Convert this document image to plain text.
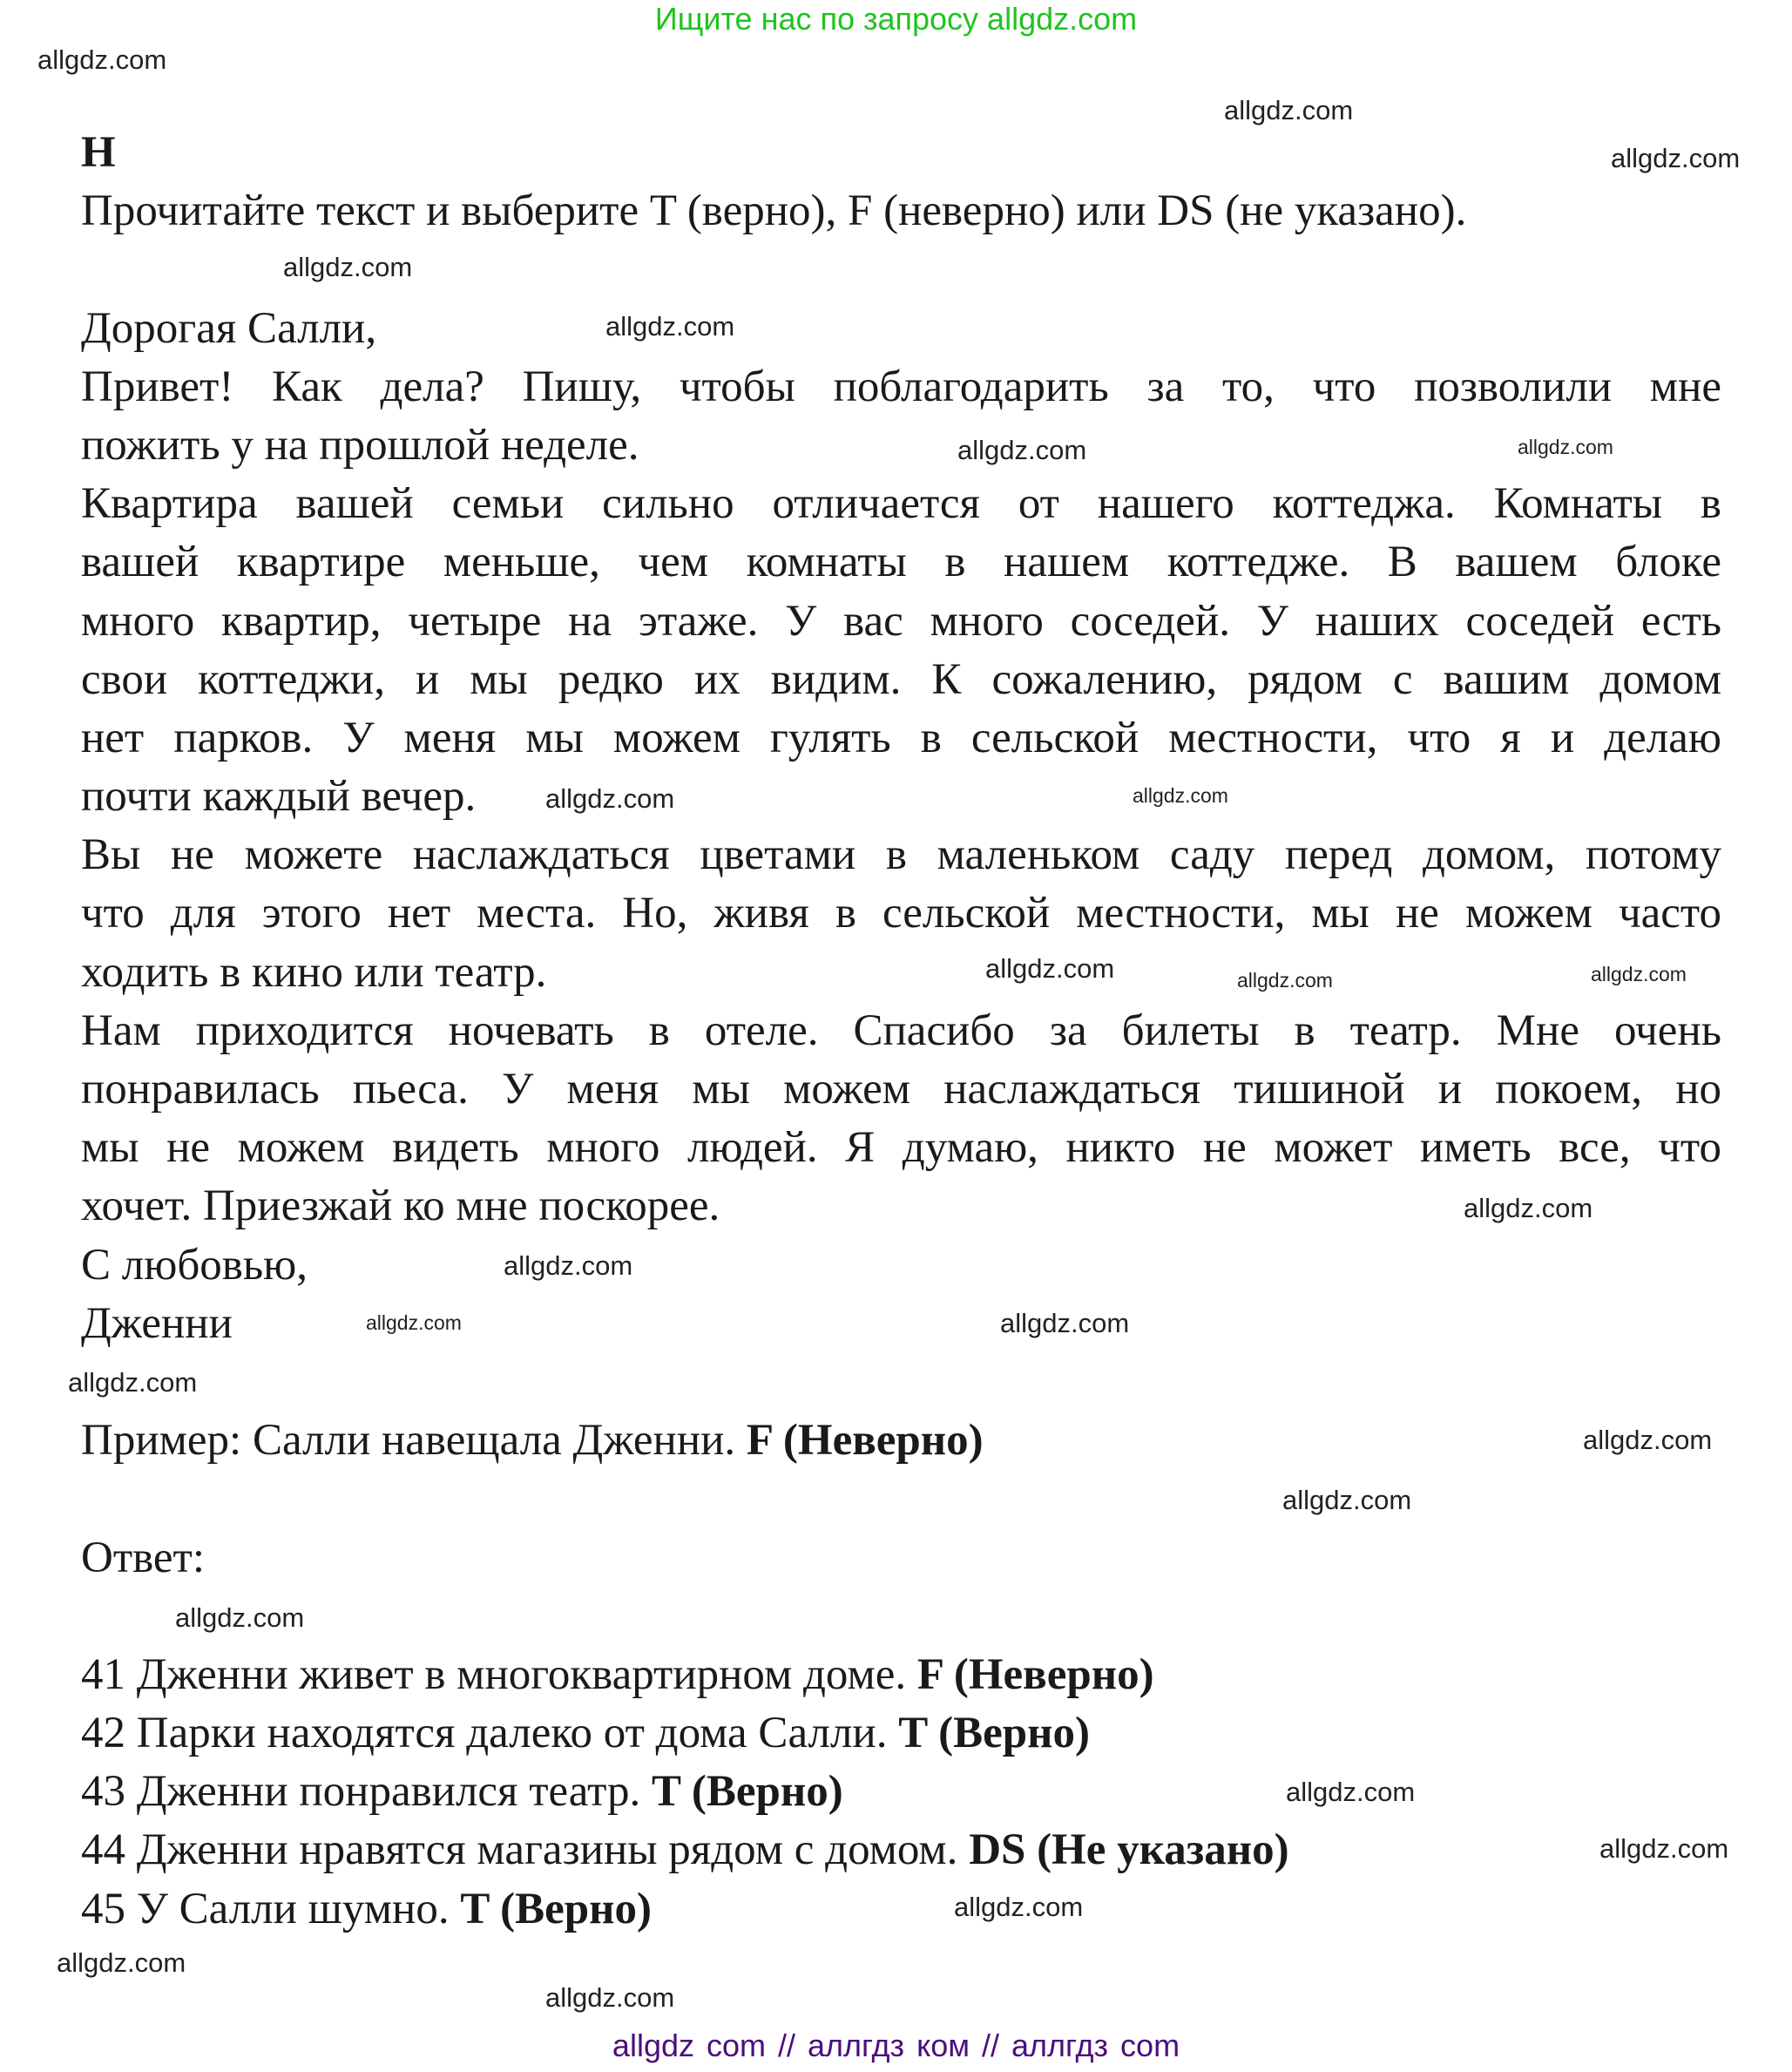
Ищите нас по запросу allgdz.com
H
Прочитайте текст и выберите T (верно), F (неверно) или DS (не указано).
Дорогая Салли,
Привет! Как дела? Пишу, чтобы поблагодарить за то, что позволили мне
пожить у на прошлой неделе.
Квартира вашей семьи сильно отличается от нашего коттеджа. Комнаты в
вашей квартире меньше, чем комнаты в нашем коттедже. В вашем блоке
много квартир, четыре на этаже. У вас много соседей. У наших соседей есть
свои коттеджи, и мы редко их видим. К сожалению, рядом с вашим домом
нет парков. У меня мы можем гулять в сельской местности, что я и делаю
почти каждый вечер.
Вы не можете наслаждаться цветами в маленьком саду перед домом, потому
что для этого нет места. Но, живя в сельской местности, мы не можем часто
ходить в кино или театр.
Нам приходится ночевать в отеле. Спасибо за билеты в театр. Мне очень
понравилась пьеса. У меня мы можем наслаждаться тишиной и покоем, но
мы не можем видеть много людей. Я думаю, никто не может иметь все, что
хочет. Приезжай ко мне поскорее.
С любовью,
Дженни
Пример: Салли навещала Дженни. F (Неверно)
Ответ:
41 Дженни живет в многоквартирном доме. F (Неверно)
42 Парки находятся далеко от дома Салли. T (Верно)
43 Дженни понравился театр. T (Верно)
44 Дженни нравятся магазины рядом с домом. DS (Не указано)
45 У Салли шумно. T (Верно)
allgdz.com
allgdz.com
allgdz.com
allgdz.com
allgdz.com
allgdz.com
allgdz.com
allgdz.com
allgdz.com
allgdz.com
allgdz.com
allgdz.com	allgdz.com
allgdz.com
allgdz.com
allgdz.com
allgdz.com
allgdz.com
allgdz.com
allgdz.com
allgdz.com
allgdz.com
allgdz.com
allgdz.com
allgdz.com
allgdz com // аллгдз ком // аллгдз com
